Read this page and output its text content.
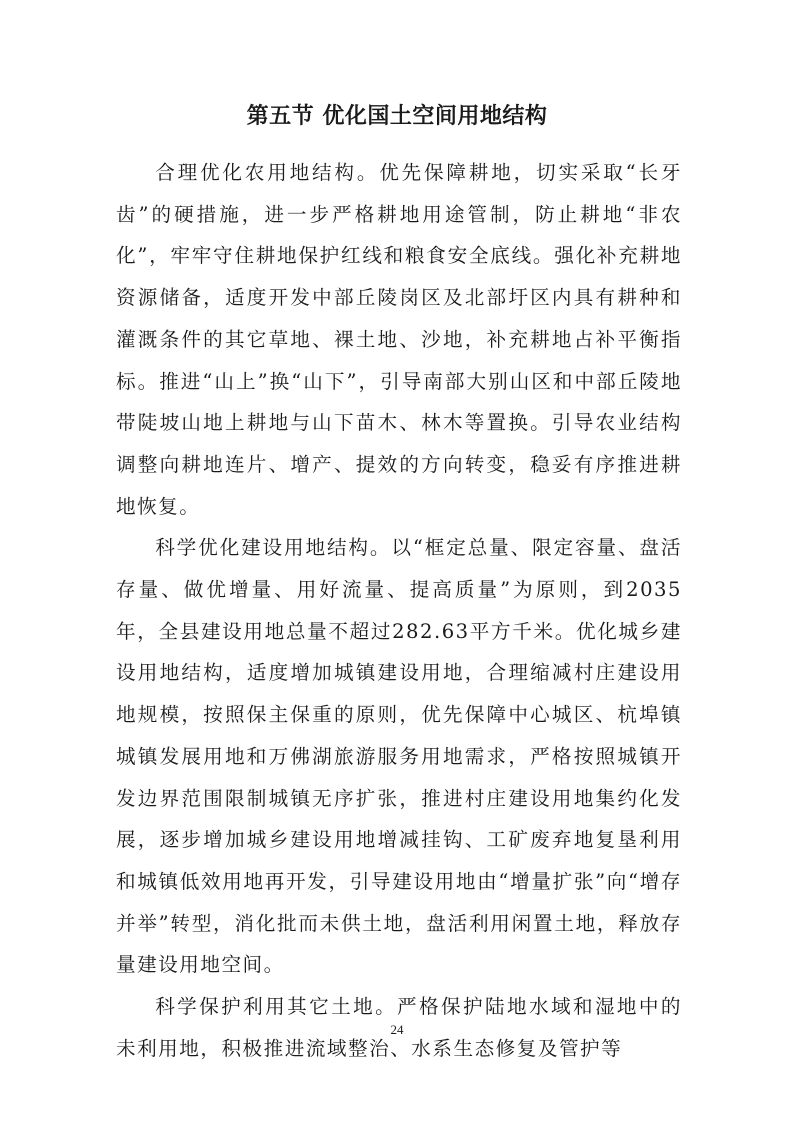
第五节 优化国土空间用地结构

合理优化农用地结构。优先保障耕地，切实采取“长牙齿”的硬措施，进一步严格耕地用途管制，防止耕地“非农化”，牢牢守住耕地保护红线和粮食安全底线。强化补充耕地资源储备，适度开发中部丘陵岗区及北部圩区内具有耕种和灌溉条件的其它草地、裸土地、沙地，补充耕地占补平衡指标。推进“山上”换“山下”，引导南部大别山区和中部丘陵地带陡坡山地上耕地与山下苗木、林木等置换。引导农业结构调整向耕地连片、增产、提效的方向转变，稳妥有序推进耕地恢复。

科学优化建设用地结构。以“框定总量、限定容量、盘活存量、做优增量、用好流量、提高质量”为原则，到2035年，全县建设用地总量不超过282.63平方千米。优化城乡建设用地结构，适度增加城镇建设用地，合理缩减村庄建设用地规模，按照保主保重的原则，优先保障中心城区、杭埠镇城镇发展用地和万佛湖旅游服务用地需求，严格按照城镇开发边界范围限制城镇无序扩张，推进村庄建设用地集约化发展，逐步增加城乡建设用地增减挂钩、工矿废弃地复垦利用和城镇低效用地再开发，引导建设用地由“增量扩张”向“增存并举”转型，消化批而未供土地，盘活利用闲置土地，释放存量建设用地空间。

科学保护利用其它土地。严格保护陆地水域和湿地中的未利用地，积极推进流域整治、水系生态修复及管护等

24
